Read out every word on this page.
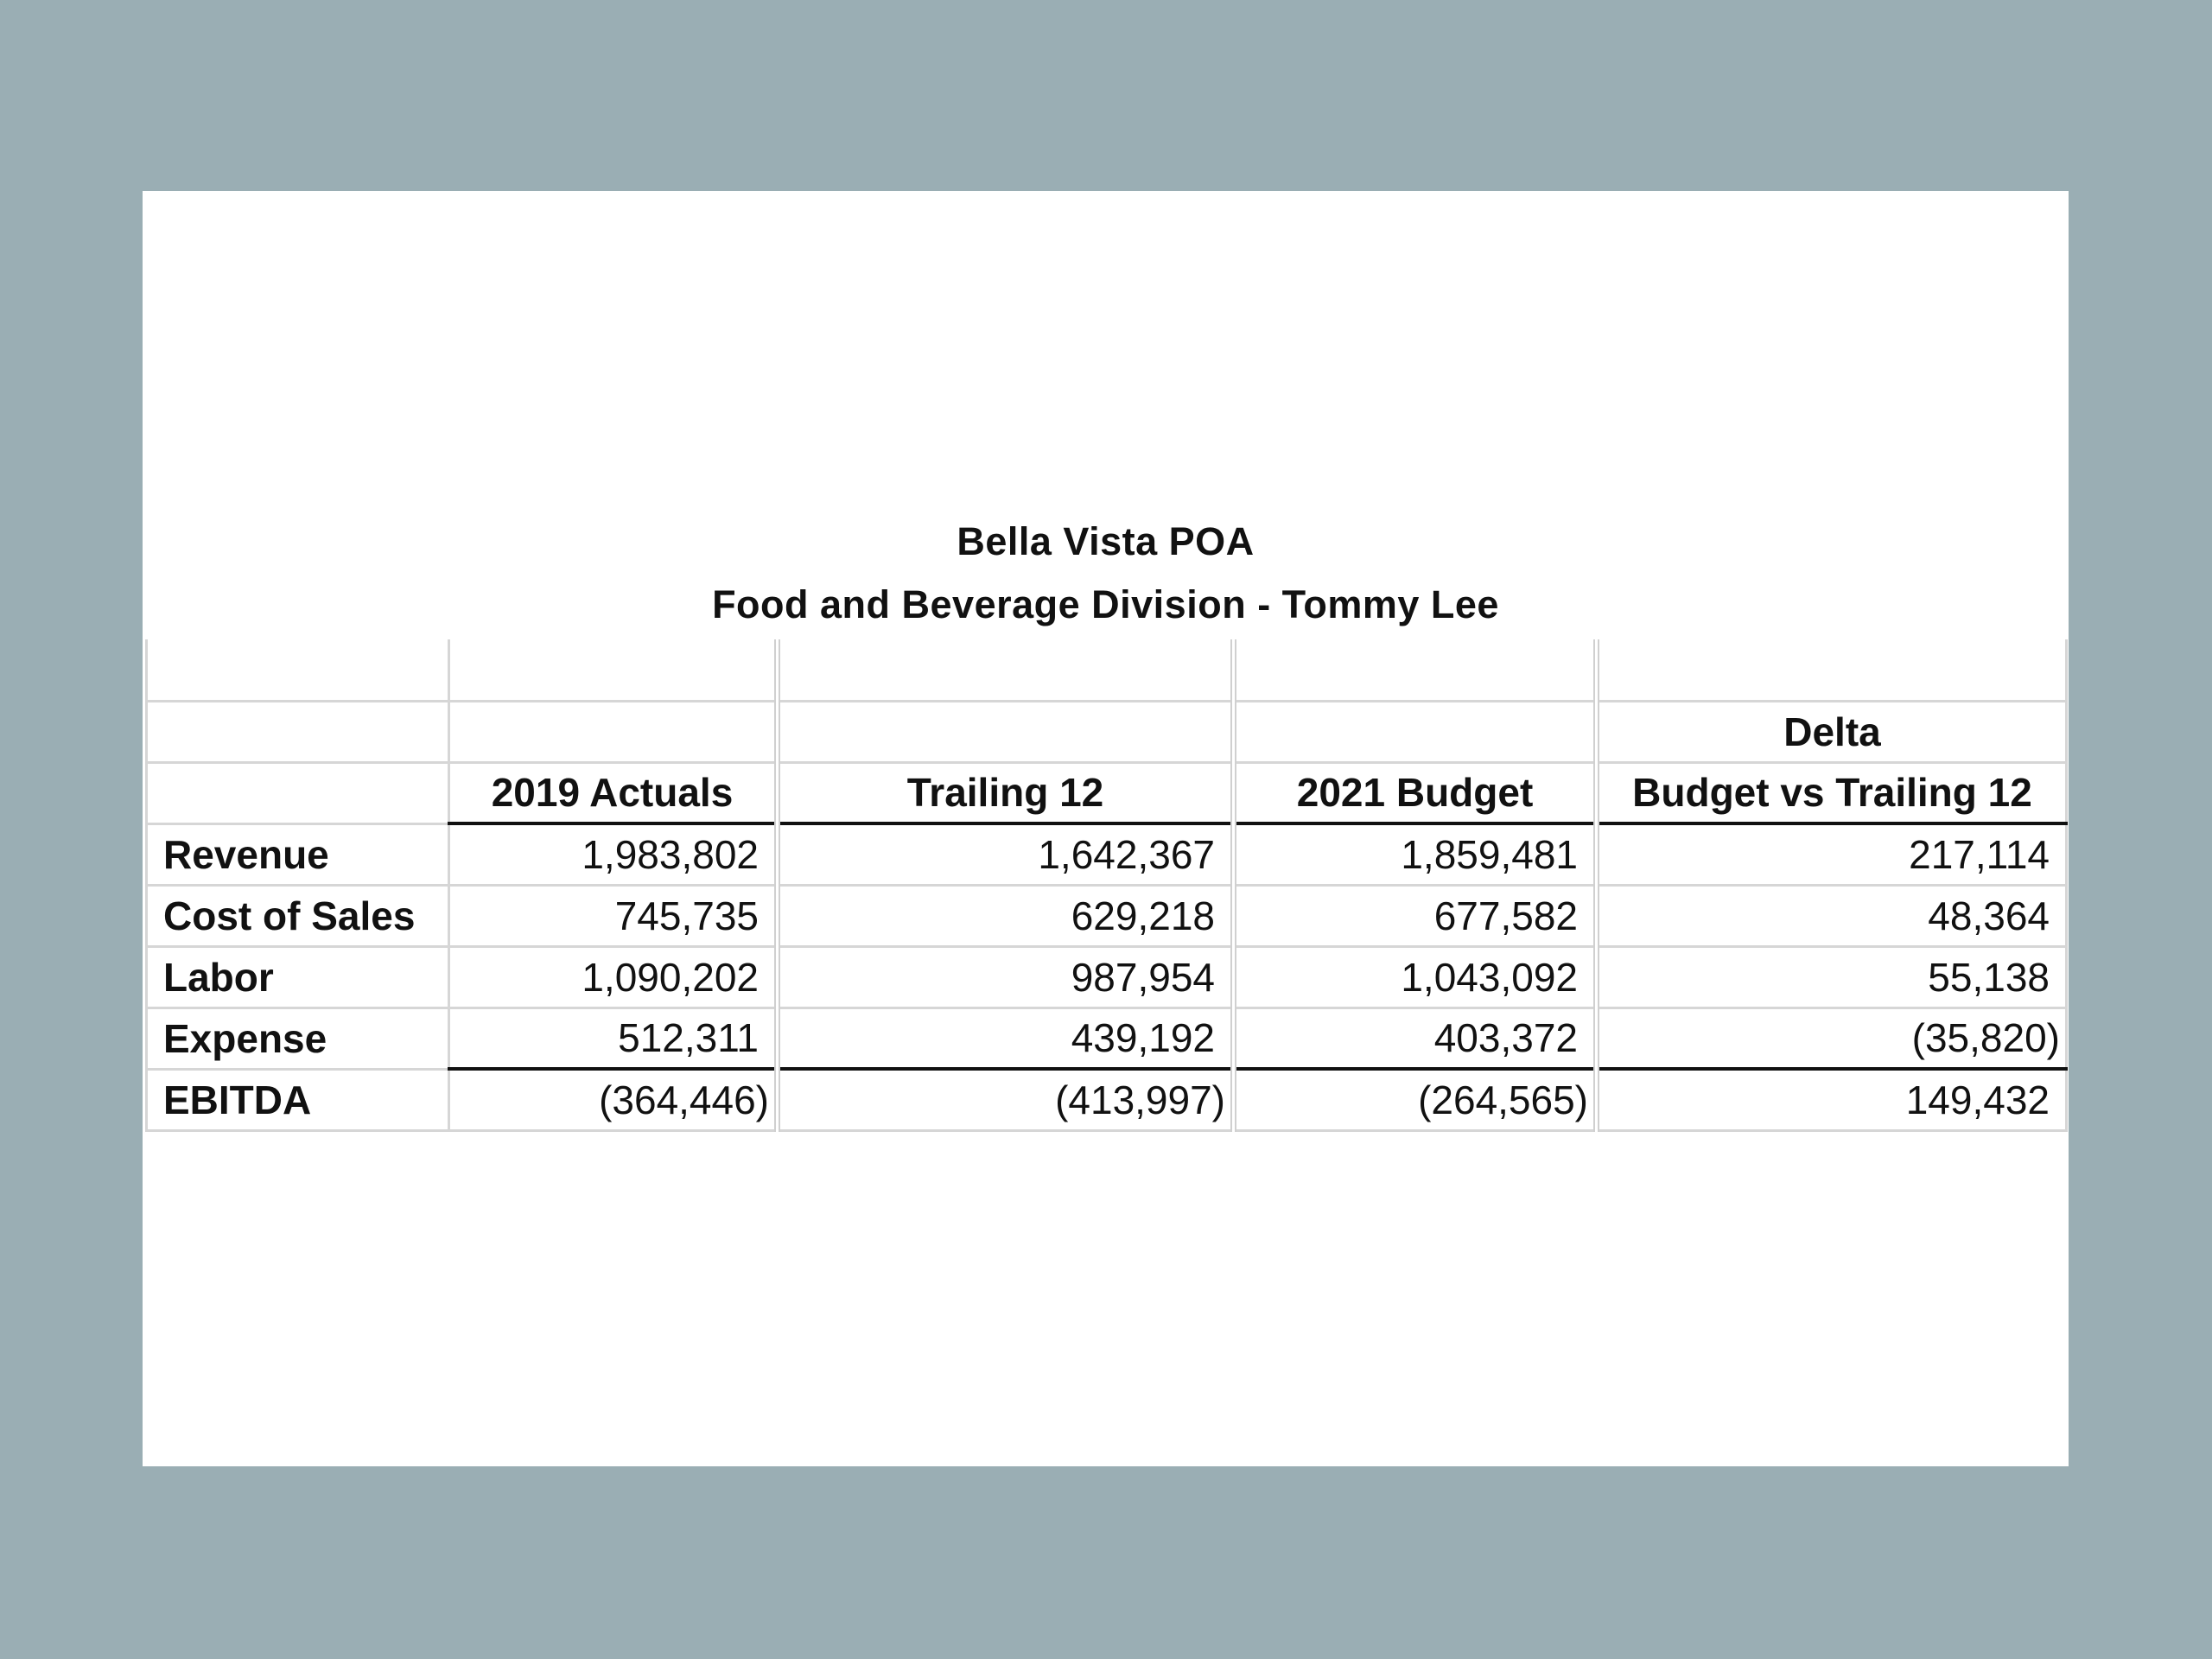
Bella Vista POA
Food and Beverage Division - Tommy Lee

				Delta
	2019 Actuals	Trailing 12	2021 Budget	Budget vs Trailing 12
Revenue	1,983,802	1,642,367	1,859,481	217,114
Cost of Sales	745,735	629,218	677,582	48,364
Labor	1,090,202	987,954	1,043,092	55,138
Expense	512,311	439,192	403,372	(35,820)
EBITDA	(364,446)	(413,997)	(264,565)	149,432
